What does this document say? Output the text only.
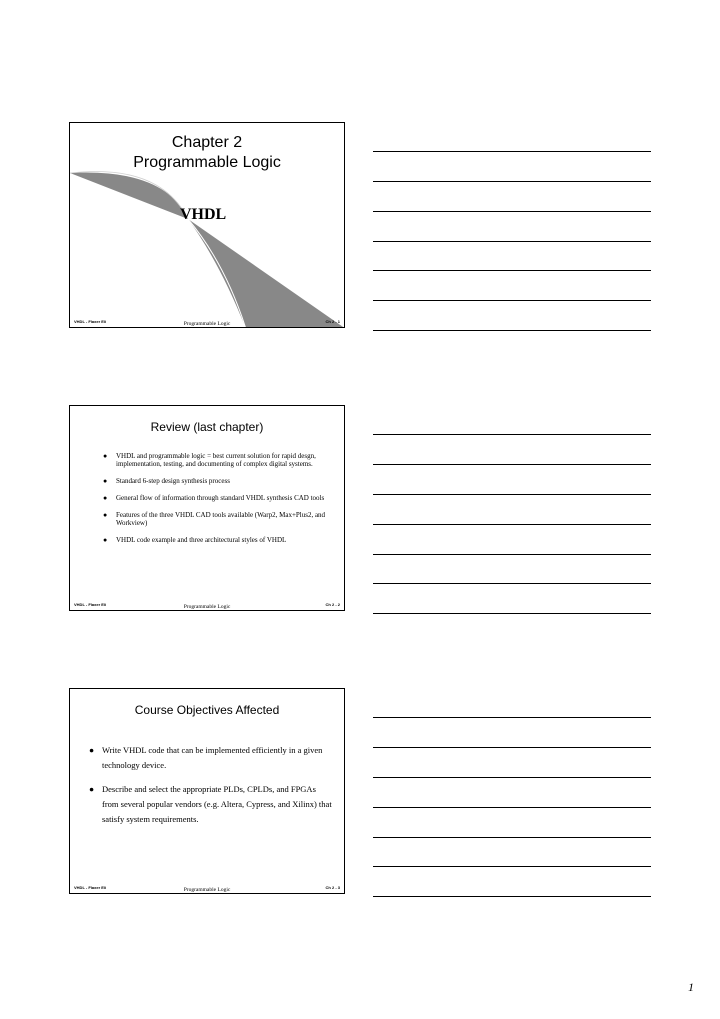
Chapter 2
Programmable Logic
VHDL
VHDL - Flaxer Eli	Programmable Logic	Ch 2 - 1
Review (last chapter)
● VHDL and programmable logic = best current solution for rapid desgn, implementation, testing, and documenting of complex digital systems.
● Standard 6-step design synthesis process
● General flow of information through standard VHDL synthesis CAD tools
● Features of the three VHDL CAD tools available (Warp2, Max+Plus2, and Workview)
● VHDL code example and three architectural styles of VHDL
VHDL - Flaxer Eli	Programmable Logic	Ch 2 - 2
Course Objectives Affected
● Write VHDL code that can be implemented efficiently in a given technology device.
● Describe and select the appropriate PLDs, CPLDs, and FPGAs from several popular vendors (e.g. Altera, Cypress, and Xilinx) that satisfy system requirements.
VHDL - Flaxer Eli	Programmable Logic	Ch 2 - 3
1
